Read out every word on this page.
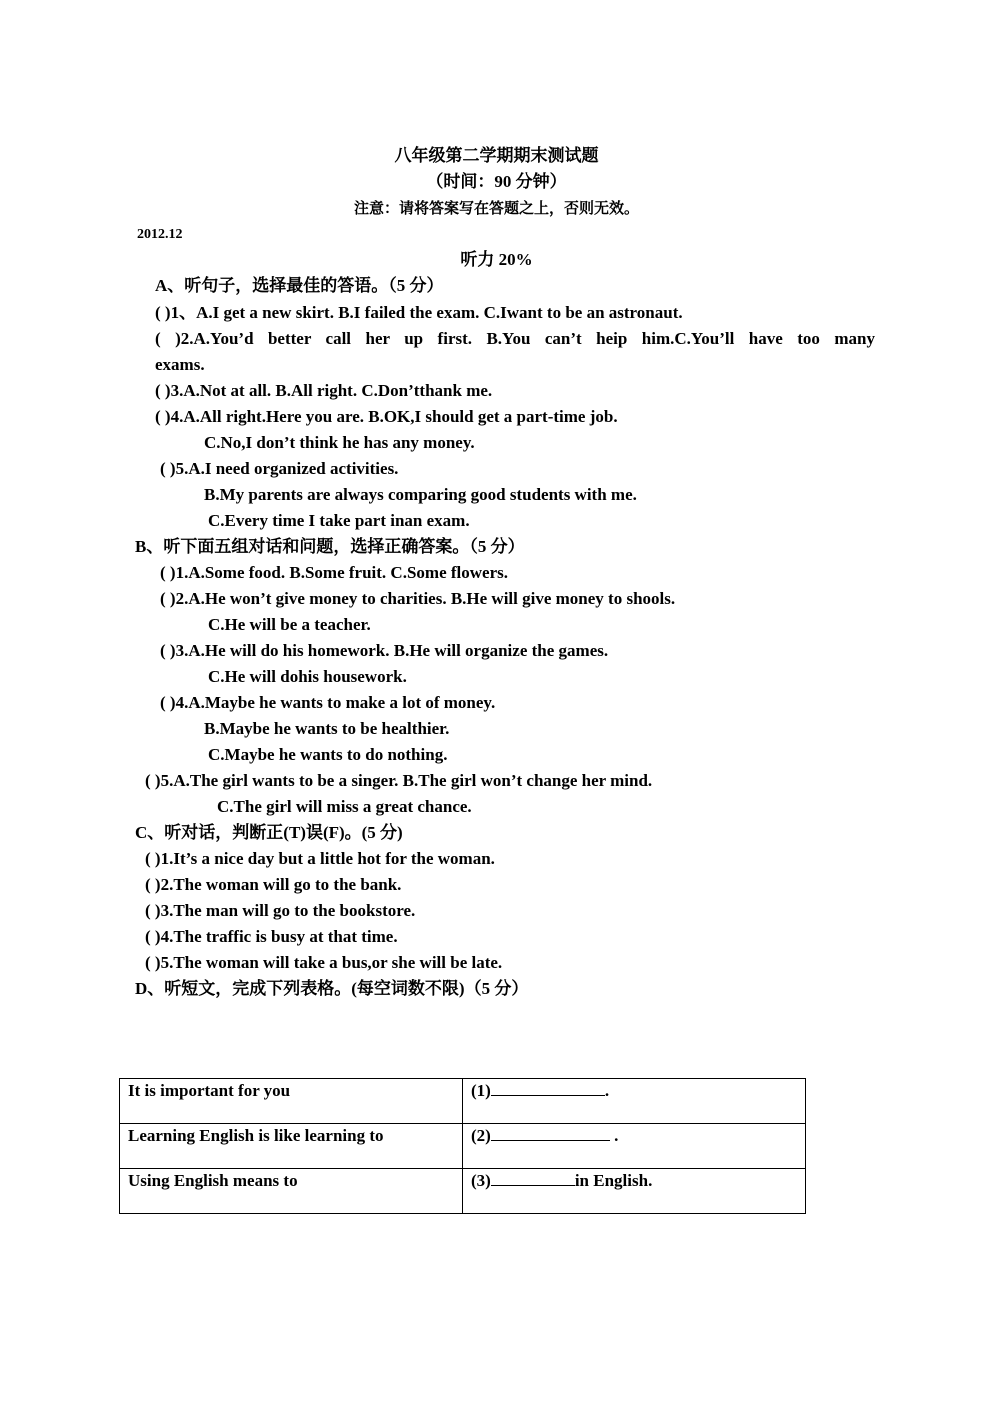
八年级第二学期期末测试题
（时间：90 分钟）
注意：请将答案写在答题之上，否则无效。
2012.12
听力 20%
A、听句子，选择最佳的答语。（5 分）
( )1、A.I get a new skirt. B.I failed the exam. C.Iwant to be an astronaut.
( )2.A.You’d better call her up first. B.You can’t heip him.C.You’ll have too many
exams.
( )3.A.Not at all. B.All right. C.Don’tthank me.
( )4.A.All right.Here you are. B.OK,I should get a part-time job.
C.No,I don’t think he has any money.
( )5.A.I need organized activities.
B.My parents are always comparing good students with me.
C.Every time I take part inan exam.
B、听下面五组对话和问题，选择正确答案。（5 分）
( )1.A.Some food. B.Some fruit. C.Some flowers.
( )2.A.He won’t give money to charities. B.He will give money to shools.
C.He will be a teacher.
( )3.A.He will do his homework. B.He will organize the games.
C.He will dohis housework.
( )4.A.Maybe he wants to make a lot of money.
B.Maybe he wants to be healthier.
C.Maybe he wants to do nothing.
( )5.A.The girl wants to be a singer. B.The girl won’t change her mind.
C.The girl will miss a great chance.
C、听对话，判断正(T)误(F)。(5 分)
( )1.It’s a nice day but a little hot for the woman.
( )2.The woman will go to the bank.
( )3.The man will go to the bookstore.
( )4.The traffic is busy at that time.
( )5.The woman will take a bus,or she will be late.
D、听短文，完成下列表格。(每空词数不限)（5 分）
It is important for you	(1) .
Learning English is like learning to	(2) .
Using English means to	(3) in English.
